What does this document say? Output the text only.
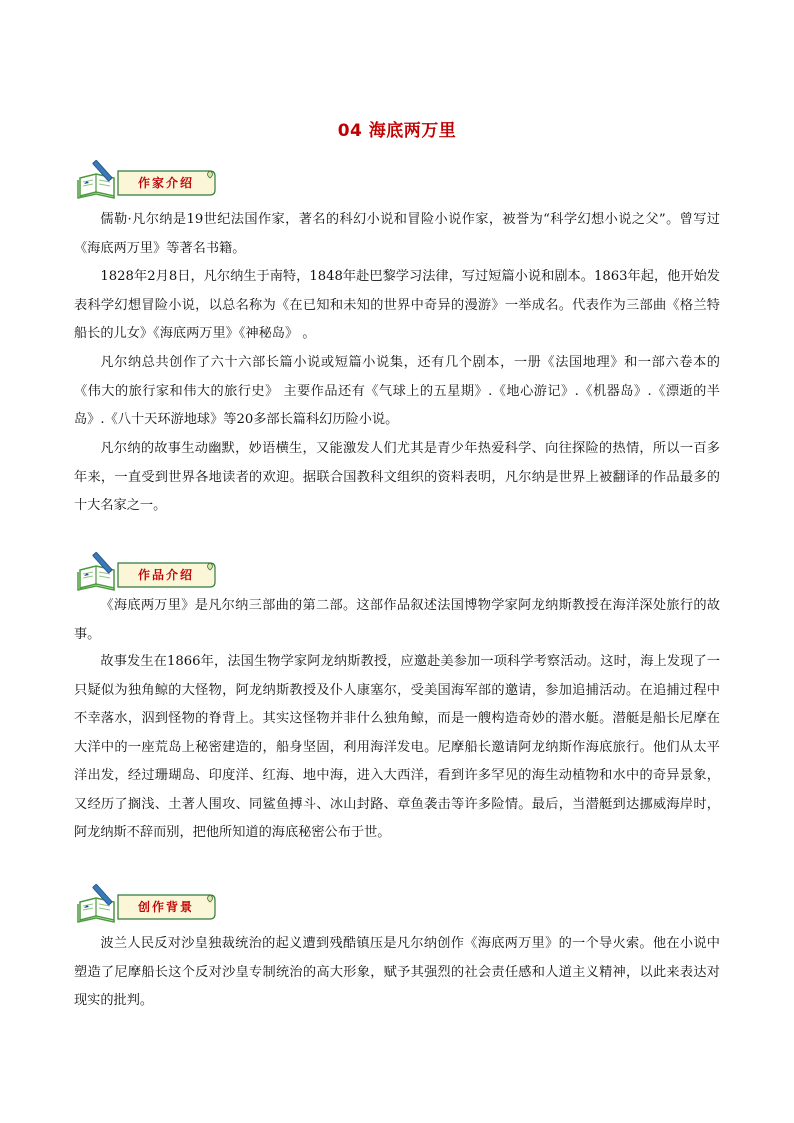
04 海底两万里
作家介绍

儒勒·凡尔纳是19世纪法国作家，著名的科幻小说和冒险小说作家，被誉为“科学幻想小说之父”。曾写过《海底两万里》等著名书籍。

1828年2月8日，凡尔纳生于南特，1848年赴巴黎学习法律，写过短篇小说和剧本。1863年起，他开始发表科学幻想冒险小说，以总名称为《在已知和未知的世界中奇异的漫游》一举成名。代表作为三部曲《格兰特船长的儿女》《海底两万里》《神秘岛》 。

凡尔纳总共创作了六十六部长篇小说或短篇小说集，还有几个剧本，一册《法国地理》和一部六卷本的《伟大的旅行家和伟大的旅行史》 主要作品还有《气球上的五星期》.《地心游记》.《机器岛》.《漂逝的半岛》.《八十天环游地球》等20多部长篇科幻历险小说。

凡尔纳的故事生动幽默，妙语横生，又能激发人们尤其是青少年热爱科学、向往探险的热情，所以一百多年来，一直受到世界各地读者的欢迎。据联合国教科文组织的资料表明，凡尔纳是世界上被翻译的作品最多的十大名家之一。

作品介绍

《海底两万里》是凡尔纳三部曲的第二部。这部作品叙述法国博物学家阿龙纳斯教授在海洋深处旅行的故事。

故事发生在1866年，法国生物学家阿龙纳斯教授，应邀赴美参加一项科学考察活动。这时，海上发现了一只疑似为独角鲸的大怪物，阿龙纳斯教授及仆人康塞尔，受美国海军部的邀请，参加追捕活动。在追捕过程中不幸落水，泅到怪物的脊背上。其实这怪物并非什么独角鲸，而是一艘构造奇妙的潜水艇。潜艇是船长尼摩在大洋中的一座荒岛上秘密建造的，船身坚固，利用海洋发电。尼摩船长邀请阿龙纳斯作海底旅行。他们从太平洋出发，经过珊瑚岛、印度洋、红海、地中海，进入大西洋，看到许多罕见的海生动植物和水中的奇异景象，又经历了搁浅、土著人围攻、同鲨鱼搏斗、冰山封路、章鱼袭击等许多险情。最后，当潜艇到达挪威海岸时，阿龙纳斯不辞而别，把他所知道的海底秘密公布于世。

创作背景

波兰人民反对沙皇独裁统治的起义遭到残酷镇压是凡尔纳创作《海底两万里》的一个导火索。他在小说中塑造了尼摩船长这个反对沙皇专制统治的高大形象，赋予其强烈的社会责任感和人道主义精神，以此来表达对现实的批判。
